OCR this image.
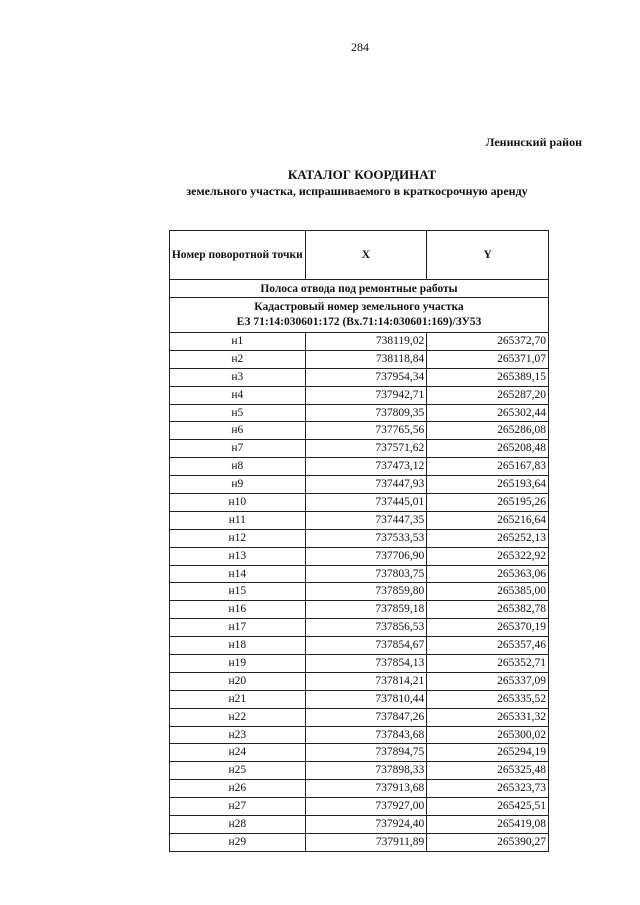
284
Ленинский район
КАТАЛОГ КООРДИНАТ
земельного участка, испрашиваемого в краткосрочную аренду
Номер поворотной точки	X	Y
Полоса отвода под ремонтные работы		

Кадастровый номер земельного участка
ЕЗ 71:14:030601:172 (Вх.71:14:030601:169)/ЗУ53		

н1	738119,02	265372,70
н2	738118,84	265371,07
н3	737954,34	265389,15
н4	737942,71	265287,20
н5	737809,35	265302,44
н6	737765,56	265286,08
н7	737571,62	265208,48
н8	737473,12	265167,83
н9	737447,93	265193,64
н10	737445,01	265195,26
н11	737447,35	265216,64
н12	737533,53	265252,13
н13	737706,90	265322,92
н14	737803,75	265363,06
н15	737859,80	265385,00
н16	737859,18	265382,78
н17	737856,53	265370,19
н18	737854,67	265357,46
н19	737854,13	265352,71
н20	737814,21	265337,09
н21	737810,44	265335,52
н22	737847,26	265331,32
н23	737843,68	265300,02
н24	737894,75	265294,19
н25	737898,33	265325,48
н26	737913,68	265323,73
н27	737927,00	265425,51
н28	737924,40	265419,08
н29	737911,89	265390,27
